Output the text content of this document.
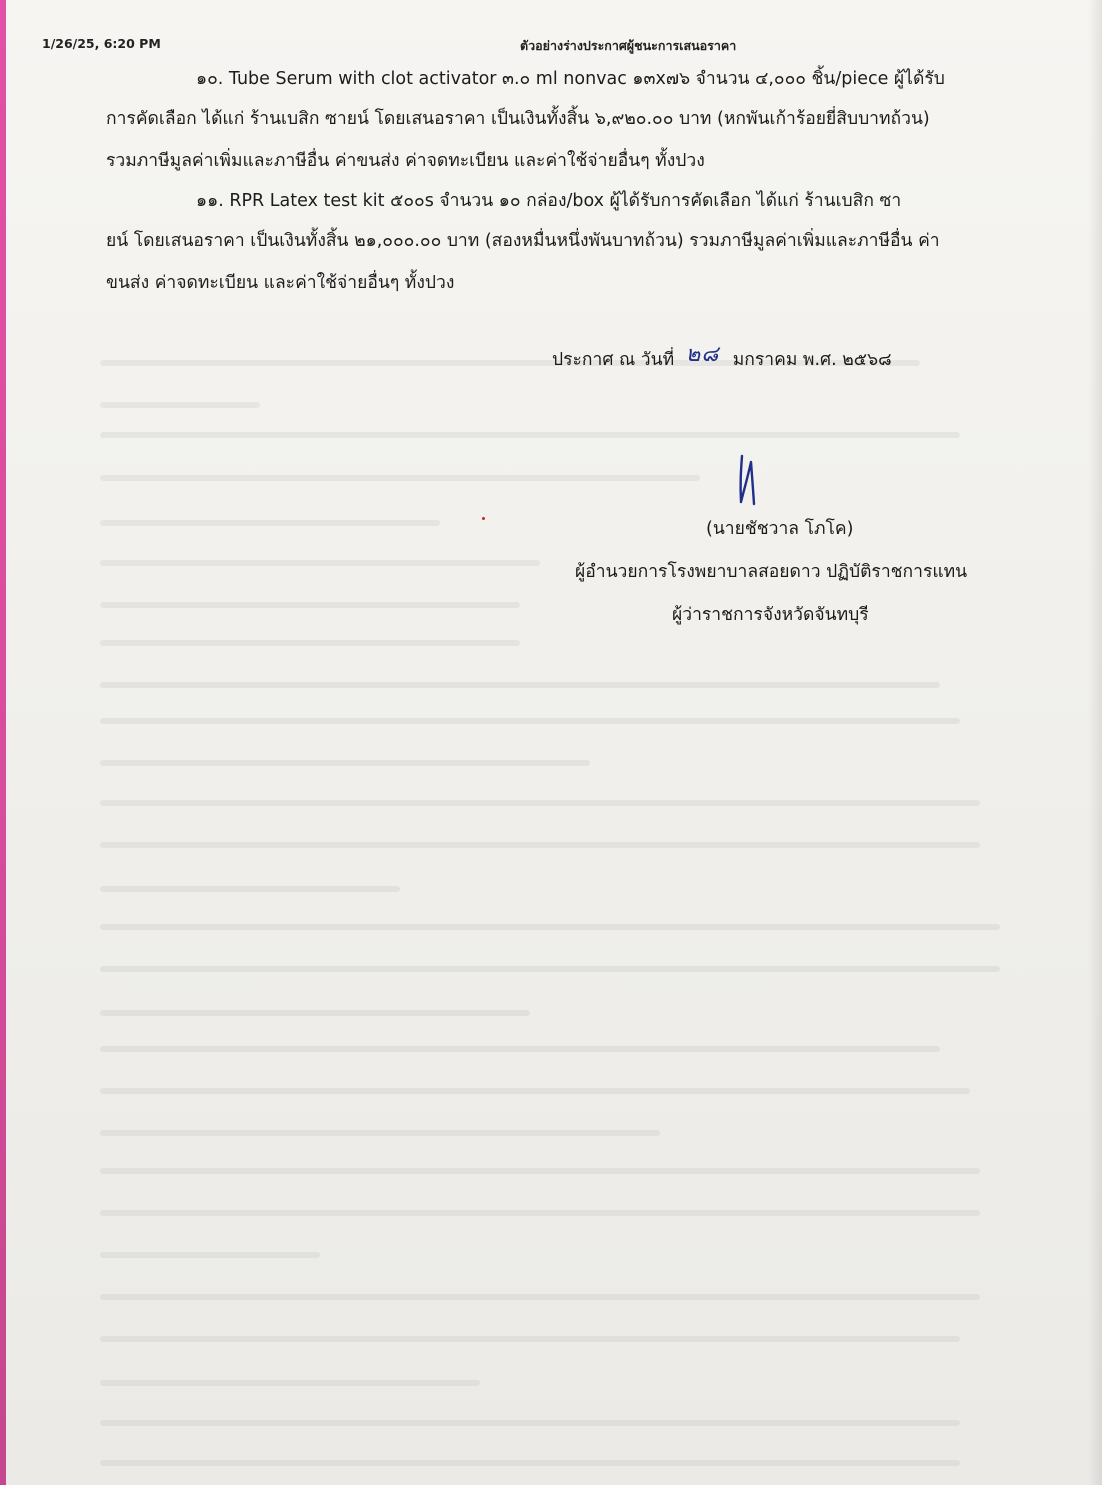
1/26/25, 6:20 PM	ตัวอย่างร่างประกาศผู้ชนะการเสนอราคา
๑๐. Tube Serum with clot activator ๓.๐ ml nonvac ๑๓x๗๖ จำนวน ๔,๐๐๐ ชิ้น/piece ผู้ได้รับ
การคัดเลือก ได้แก่ ร้านเบสิก ซายน์ โดยเสนอราคา เป็นเงินทั้งสิ้น ๖,๙๒๐.๐๐ บาท (หกพันเก้าร้อยยี่สิบบาทถ้วน)
รวมภาษีมูลค่าเพิ่มและภาษีอื่น ค่าขนส่ง ค่าจดทะเบียน และค่าใช้จ่ายอื่นๆ ทั้งปวง
๑๑. RPR Latex test kit ๕๐๐s จำนวน ๑๐ กล่อง/box ผู้ได้รับการคัดเลือก ได้แก่ ร้านเบสิก ซา
ยน์ โดยเสนอราคา เป็นเงินทั้งสิ้น ๒๑,๐๐๐.๐๐ บาท (สองหมื่นหนึ่งพันบาทถ้วน) รวมภาษีมูลค่าเพิ่มและภาษีอื่น ค่า
ขนส่ง ค่าจดทะเบียน และค่าใช้จ่ายอื่นๆ ทั้งปวง
ประกาศ ณ วันที่ ๒๘ มกราคม พ.ศ. ๒๕๖๘
(นายชัชวาล โภโค)
ผู้อำนวยการโรงพยาบาลสอยดาว ปฏิบัติราชการแทน
ผู้ว่าราชการจังหวัดจันทบุรี
